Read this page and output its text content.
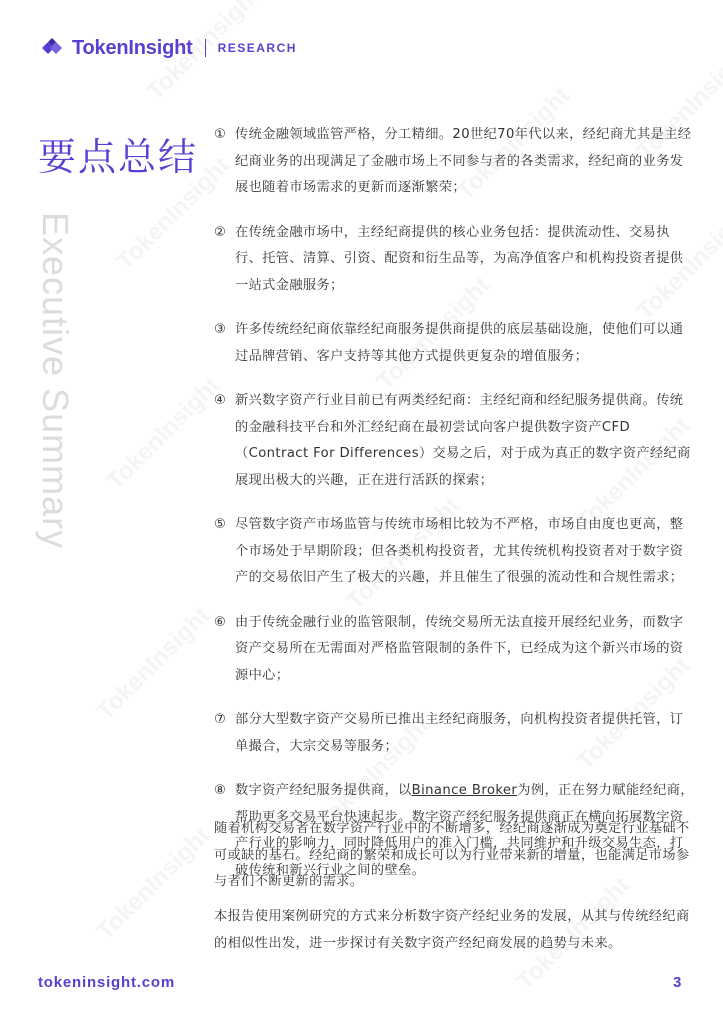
TokenInsight RESEARCH
要点总结
Executive Summary
① 传统金融领域监管严格，分工精细。20世纪70年代以来，经纪商尤其是主经纪商业务的出现满足了金融市场上不同参与者的各类需求，经纪商的业务发展也随着市场需求的更新而逐渐繁荣；
② 在传统金融市场中，主经纪商提供的核心业务包括：提供流动性、交易执行、托管、清算、引资、配资和衍生品等，为高净值客户和机构投资者提供一站式金融服务；
③ 许多传统经纪商依靠经纪商服务提供商提供的底层基础设施，使他们可以通过品牌营销、客户支持等其他方式提供更复杂的增值服务；
④ 新兴数字资产行业目前已有两类经纪商：主经纪商和经纪服务提供商。传统的金融科技平台和外汇经纪商在最初尝试向客户提供数字资产CFD（Contract For Differences）交易之后，对于成为真正的数字资产经纪商展现出极大的兴趣，正在进行活跃的探索；
⑤ 尽管数字资产市场监管与传统市场相比较为不严格，市场自由度也更高，整个市场处于早期阶段；但各类机构投资者，尤其传统机构投资者对于数字资产的交易依旧产生了极大的兴趣，并且催生了很强的流动性和合规性需求；
⑥ 由于传统金融行业的监管限制，传统交易所无法直接开展经纪业务，而数字资产交易所在无需面对严格监管限制的条件下，已经成为这个新兴市场的资源中心；
⑦ 部分大型数字资产交易所已推出主经纪商服务，向机构投资者提供托管，订单撮合，大宗交易等服务；
⑧ 数字资产经纪服务提供商，以Binance Broker为例，正在努力赋能经纪商，帮助更多交易平台快速起步。数字资产经纪服务提供商正在横向拓展数字资产行业的影响力，同时降低用户的准入门槛，共同维护和升级交易生态，打破传统和新兴行业之间的壁垒。
随着机构交易者在数字资产行业中的不断增多，经纪商逐渐成为奠定行业基础不可或缺的基石。经纪商的繁荣和成长可以为行业带来新的增量，也能满足市场参与者们不断更新的需求。
本报告使用案例研究的方式来分析数字资产经纪业务的发展，从其与传统经纪商的相似性出发，进一步探讨有关数字资产经纪商发展的趋势与未来。
tokeninsight.com	3
